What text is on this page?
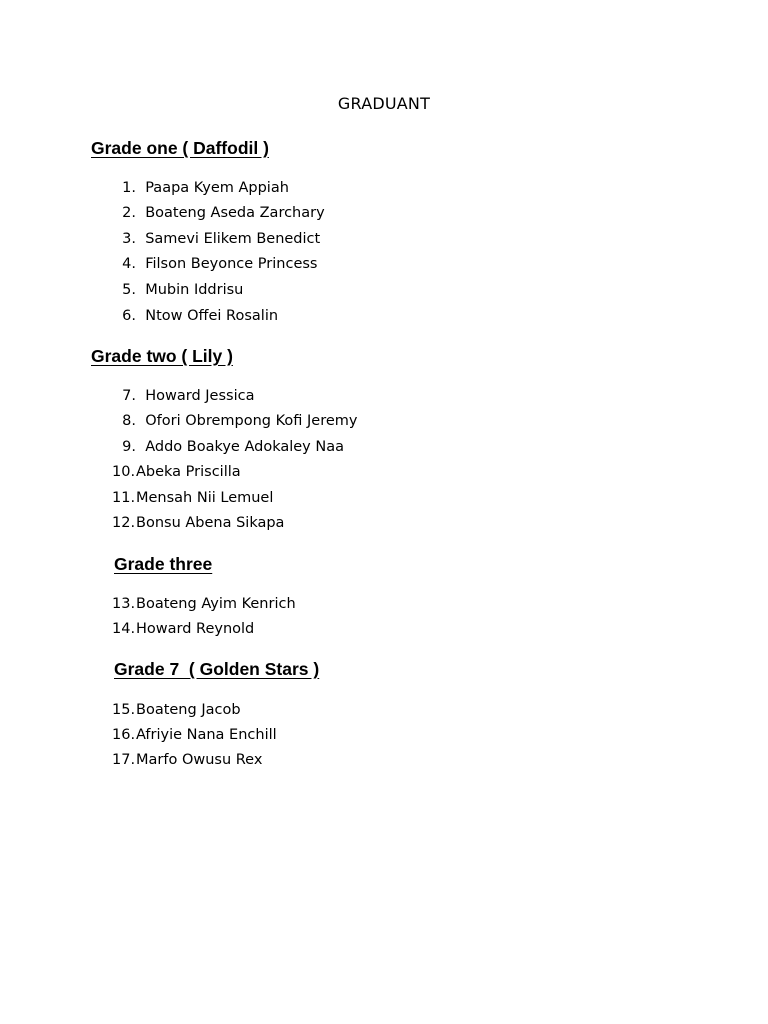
GRADUANT
Grade one ( Daffodil )
1. Paapa Kyem Appiah
2. Boateng Aseda Zarchary
3. Samevi Elikem Benedict
4. Filson Beyonce Princess
5. Mubin Iddrisu
6. Ntow Offei Rosalin
Grade two ( Lily )
7. Howard Jessica
8. Ofori Obrempong Kofi Jeremy
9. Addo Boakye Adokaley Naa
10.Abeka Priscilla
11.Mensah Nii Lemuel
12.Bonsu Abena Sikapa
Grade three
13.Boateng Ayim Kenrich
14.Howard Reynold
Grade 7  ( Golden Stars )
15.Boateng Jacob
16.Afriyie Nana Enchill
17.Marfo Owusu Rex
